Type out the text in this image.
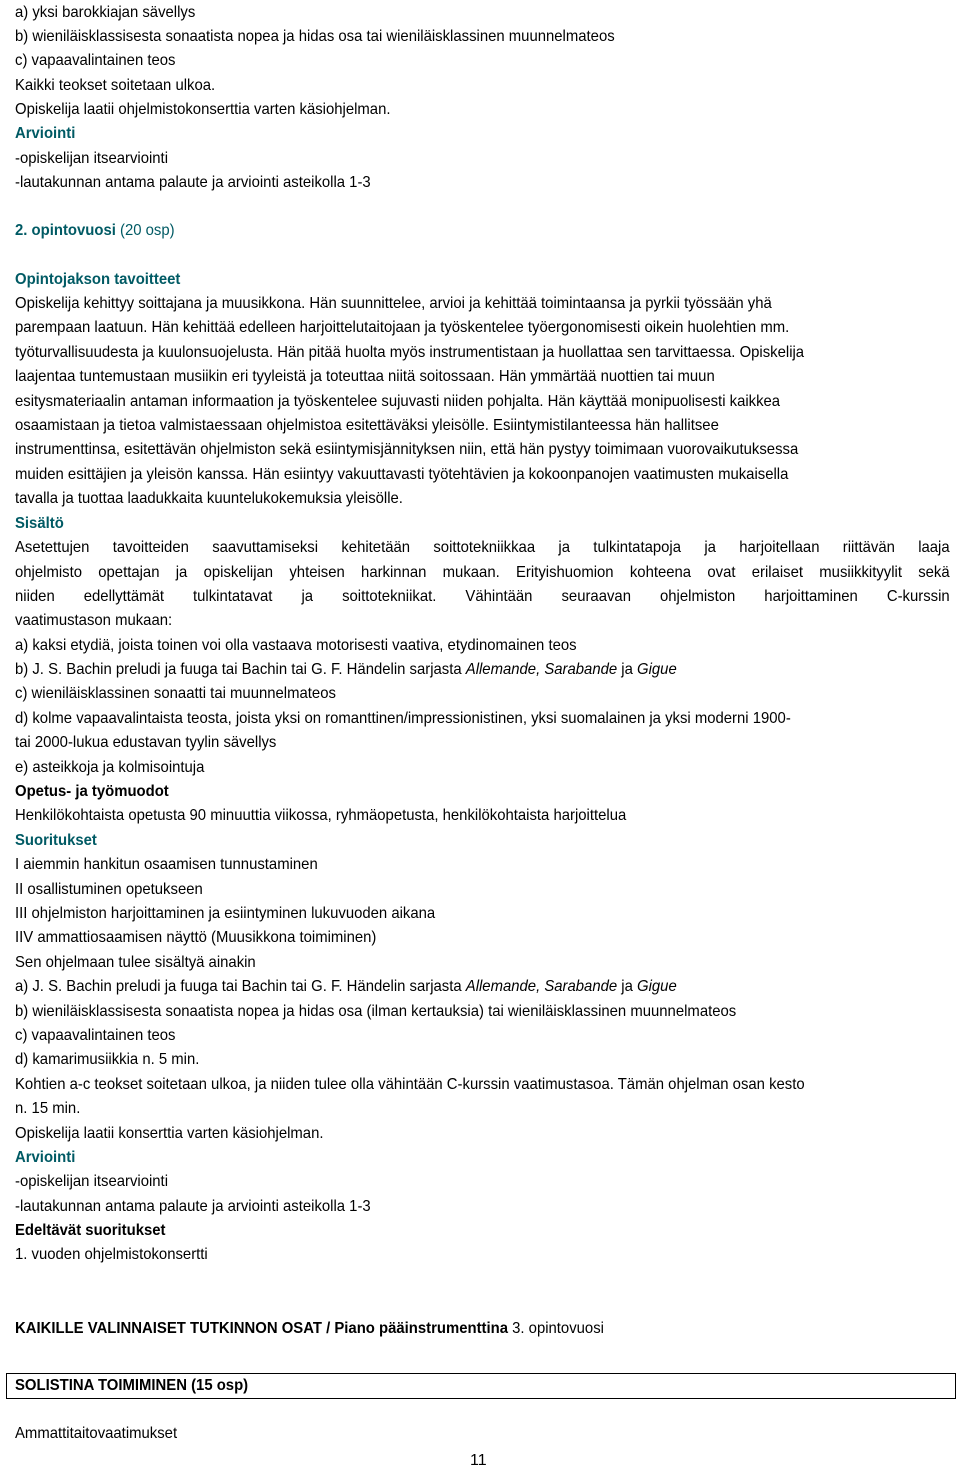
a) yksi barokkiajan sävellys
b) wieniläisklassisesta sonaatista nopea ja hidas osa tai wieniläisklassinen muunnelmateos
c) vapaavalintainen teos
Kaikki teokset soitetaan ulkoa.
Opiskelija laatii ohjelmistokonserttia varten käsiohjelman.
Arviointi
-opiskelijan itsearviointi
-lautakunnan antama palaute ja arviointi asteikolla 1-3
2. opintovuosi (20 osp)
Opintojakson tavoitteet
Opiskelija kehittyy soittajana ja muusikkona. Hän suunnittelee, arvioi ja kehittää toimintaansa ja pyrkii työssään yhä
parempaan laatuun. Hän kehittää edelleen harjoittelutaitojaan ja työskentelee työergonomisesti oikein huolehtien mm.
työturvallisuudesta ja kuulonsuojelusta. Hän pitää huolta myös instrumentistaan ja huollattaa sen tarvittaessa. Opiskelija
laajentaa tuntemustaan musiikin eri tyyleistä ja toteuttaa niitä soitossaan. Hän ymmärtää nuottien tai muun
esitysmateriaalin antaman informaation ja työskentelee sujuvasti niiden pohjalta. Hän käyttää monipuolisesti kaikkea
osaamistaan ja tietoa valmistaessaan ohjelmistoa esitettäväksi yleisölle. Esiintymistilanteessa hän hallitsee
instrumenttinsa, esitettävän ohjelmiston sekä esiintymisjännityksen niin, että hän pystyy toimimaan vuorovaikutuksessa
muiden esittäjien ja yleisön kanssa. Hän esiintyy vakuuttavasti työtehtävien ja kokoonpanojen vaatimusten mukaisella
tavalla ja tuottaa laadukkaita kuuntelukokemuksia yleisölle.
Sisältö
Asetettujen tavoitteiden saavuttamiseksi kehitetään soittotekniikkaa ja tulkintatapoja ja harjoitellaan riittävän laaja
ohjelmisto opettajan ja opiskelijan yhteisen harkinnan mukaan. Erityishuomion kohteena ovat erilaiset musiikkityylit sekä
niiden edellyttämät tulkintatavat ja soittotekniikat. Vähintään seuraavan ohjelmiston harjoittaminen C-kurssin
vaatimustason mukaan:
a) kaksi etydiä, joista toinen voi olla vastaava motorisesti vaativa, etydinomainen teos
b) J. S. Bachin preludi ja fuuga tai Bachin tai G. F. Händelin sarjasta Allemande, Sarabande ja Gigue
c) wieniläisklassinen sonaatti tai muunnelmateos
d) kolme vapaavalintaista teosta, joista yksi on romanttinen/impressionistinen, yksi suomalainen ja yksi moderni 1900-
tai 2000-lukua edustavan tyylin sävellys
e) asteikkoja ja kolmisointuja
Opetus- ja työmuodot
Henkilökohtaista opetusta 90 minuuttia viikossa, ryhmäopetusta, henkilökohtaista harjoittelua
Suoritukset
I aiemmin hankitun osaamisen tunnustaminen
II osallistuminen opetukseen
III ohjelmiston harjoittaminen ja esiintyminen lukuvuoden aikana
IIV ammattiosaamisen näyttö (Muusikkona toimiminen)
Sen ohjelmaan tulee sisältyä ainakin
a) J. S. Bachin preludi ja fuuga tai Bachin tai G. F. Händelin sarjasta Allemande, Sarabande ja Gigue
b) wieniläisklassisesta sonaatista nopea ja hidas osa (ilman kertauksia) tai wieniläisklassinen muunnelmateos
c) vapaavalintainen teos
d) kamarimusiikkia n. 5 min.
Kohtien a-c teokset soitetaan ulkoa, ja niiden tulee olla vähintään C-kurssin vaatimustasoa. Tämän ohjelman osan kesto
n. 15 min.
Opiskelija laatii konserttia varten käsiohjelman.
Arviointi
-opiskelijan itsearviointi
-lautakunnan antama palaute ja arviointi asteikolla 1-3
Edeltävät suoritukset
1. vuoden ohjelmistokonsertti
KAIKILLE VALINNAISET TUTKINNON OSAT / Piano pääinstrumenttina 3. opintovuosi
SOLISTINA TOIMIMINEN (15 osp)
Ammattitaitovaatimukset
11
